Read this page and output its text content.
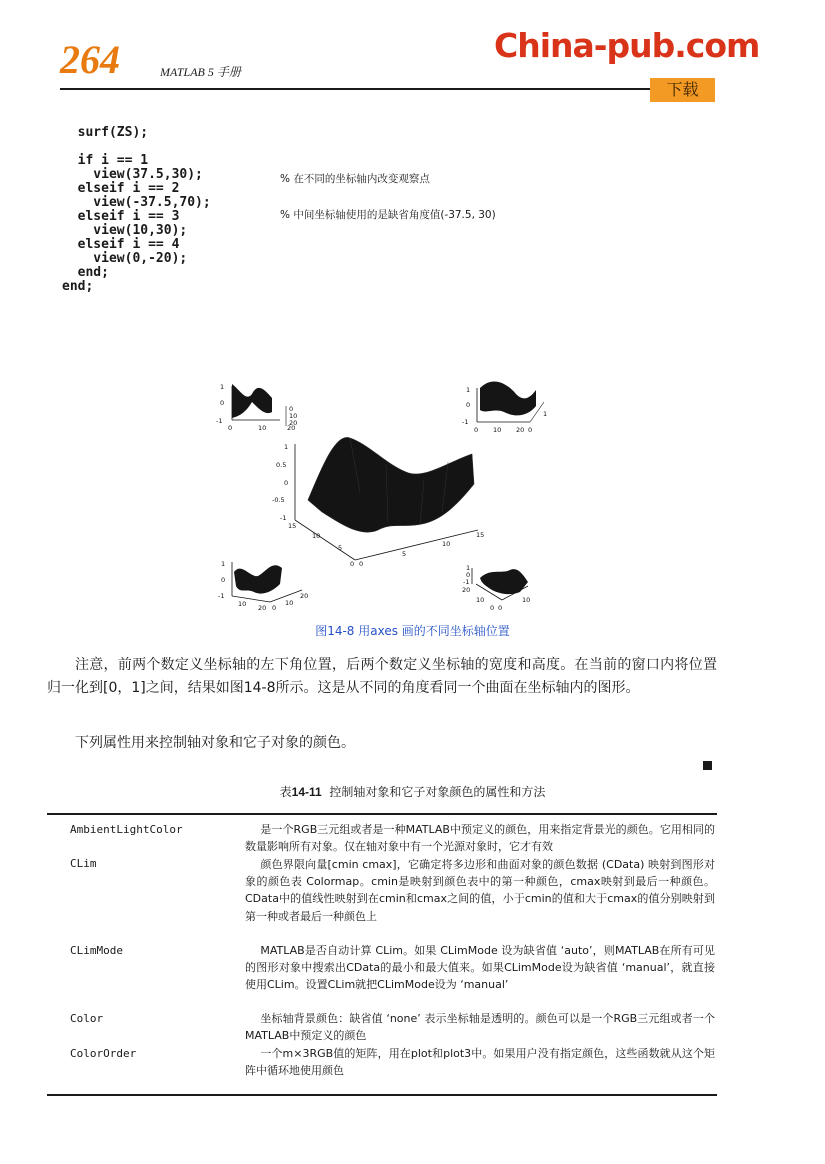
264	MATLAB 5 手册
China-pub.com
下载
surf(ZS);

if i == 1
view(37.5,30);
elseif i == 2
view(-37.5,70);
elseif i == 3
view(10,30);
elseif i == 4
view(0,-20);
end;
end;
% 在不同的坐标轴内改变观察点
% 中间坐标轴使用的是缺省角度值(-37.5, 30)
1
0
-1
0	10	20
0
10
20
1
0
-1
0 10 20 0
1
1
0.5
0
-0.5
-1
15
10
5
0 0
5
10
15
1
0
-1
10 20 0
10
20
1
0
-1
20
10
0 0
10
图14-8 用axes 画的不同坐标轴位置
注意，前两个数定义坐标轴的左下角位置，后两个数定义坐标轴的宽度和高度。在当前的窗口内将位置归一化到[0，1]之间，结果如图14-8所示。这是从不同的角度看同一个曲面在坐标轴内的图形。
下列属性用来控制轴对象和它子对象的颜色。
表14-11 控制轴对象和它子对象颜色的属性和方法
AmbientLightColor	是一个RGB三元组或者是一种MATLAB中预定义的颜色，用来指定背景光的颜色。它用相同的数量影响所有对象。仅在轴对象中有一个光源对象时，它才有效
CLim	颜色界限向量[cmin cmax]，它确定将多边形和曲面对象的颜色数据 (CData) 映射到图形对象的颜色表 Colormap。cmin是映射到颜色表中的第一种颜色，cmax映射到最后一种颜色。CData中的值线性映射到在cmin和cmax之间的值，小于cmin的值和大于cmax的值分别映射到第一种或者最后一种颜色上
CLimMode	MATLAB是否自动计算 CLim。如果 CLimMode 设为缺省值 ‘auto’，则MATLAB在所有可见的图形对象中搜索出CData的最小和最大值来。如果CLimMode设为缺省值 ‘manual’，就直接使用CLim。设置CLim就把CLimMode设为 ‘manual’
Color	坐标轴背景颜色：缺省值 ‘none’ 表示坐标轴是透明的。颜色可以是一个RGB三元组或者一个MATLAB中预定义的颜色
ColorOrder	一个m×3RGB值的矩阵，用在plot和plot3中。如果用户没有指定颜色，这些函数就从这个矩阵中循环地使用颜色
